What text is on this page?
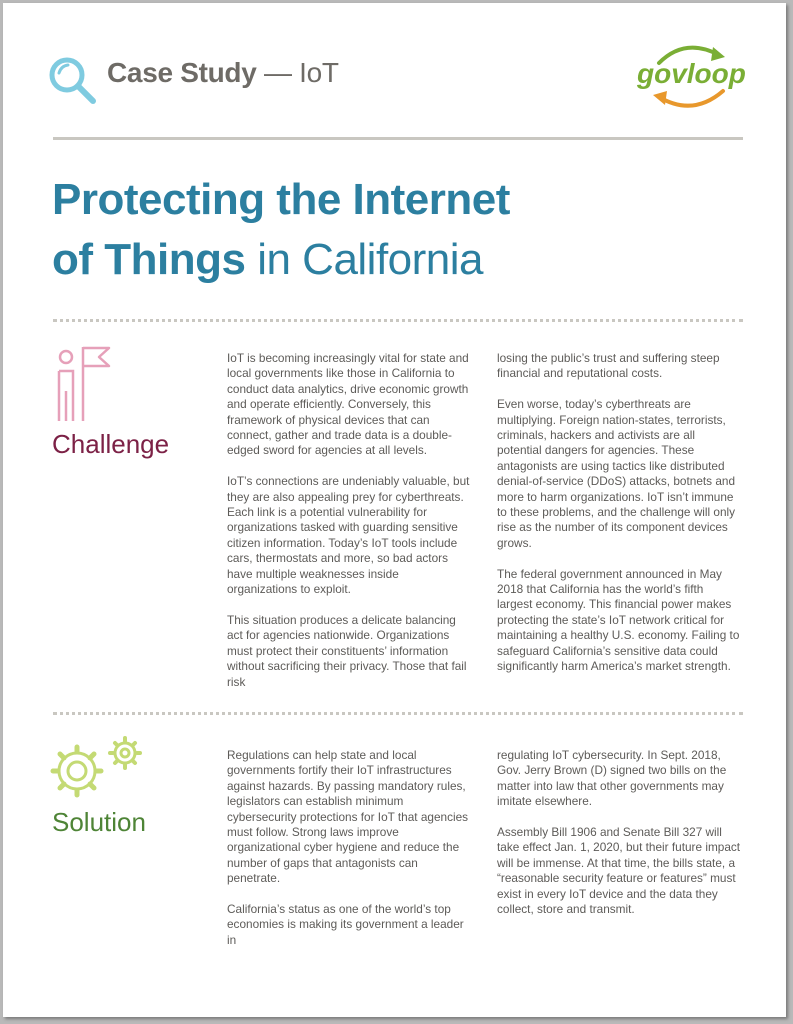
Case Study — IoT	govloop
Protecting the Internet
of Things in California
Challenge

IoT is becoming increasingly vital for state and local governments like those in California to conduct data analytics, drive economic growth and operate efficiently. Conversely, this framework of physical devices that can connect, gather and trade data is a double-edged sword for agencies at all levels.

IoT’s connections are undeniably valuable, but they are also appealing prey for cyberthreats. Each link is a potential vulnerability for organizations tasked with guarding sensitive citizen information. Today’s IoT tools include cars, thermostats and more, so bad actors have multiple weaknesses inside organizations to exploit.

This situation produces a delicate balancing act for agencies nationwide. Organizations must protect their constituents’ information without sacrificing their privacy. Those that fail risk

losing the public’s trust and suffering steep financial and reputational costs.

Even worse, today’s cyberthreats are multiplying. Foreign nation-states, terrorists, criminals, hackers and activists are all potential dangers for agencies. These antagonists are using tactics like distributed denial-of-service (DDoS) attacks, botnets and more to harm organizations. IoT isn’t immune to these problems, and the challenge will only rise as the number of its component devices grows.

The federal government announced in May 2018 that California has the world’s fifth largest economy. This financial power makes protecting the state’s IoT network critical for maintaining a healthy U.S. economy. Failing to safeguard California’s sensitive data could significantly harm America’s market strength.

Solution

Regulations can help state and local governments fortify their IoT infrastructures against hazards. By passing mandatory rules, legislators can establish minimum cybersecurity protections for IoT that agencies must follow. Strong laws improve organizational cyber hygiene and reduce the number of gaps that antagonists can penetrate.

California’s status as one of the world’s top economies is making its government a leader in

regulating IoT cybersecurity. In Sept. 2018, Gov. Jerry Brown (D) signed two bills on the matter into law that other governments may imitate elsewhere.

Assembly Bill 1906 and Senate Bill 327 will take effect Jan. 1, 2020, but their future impact will be immense. At that time, the bills state, a “reasonable security feature or features” must exist in every IoT device and the data they collect, store and transmit.
